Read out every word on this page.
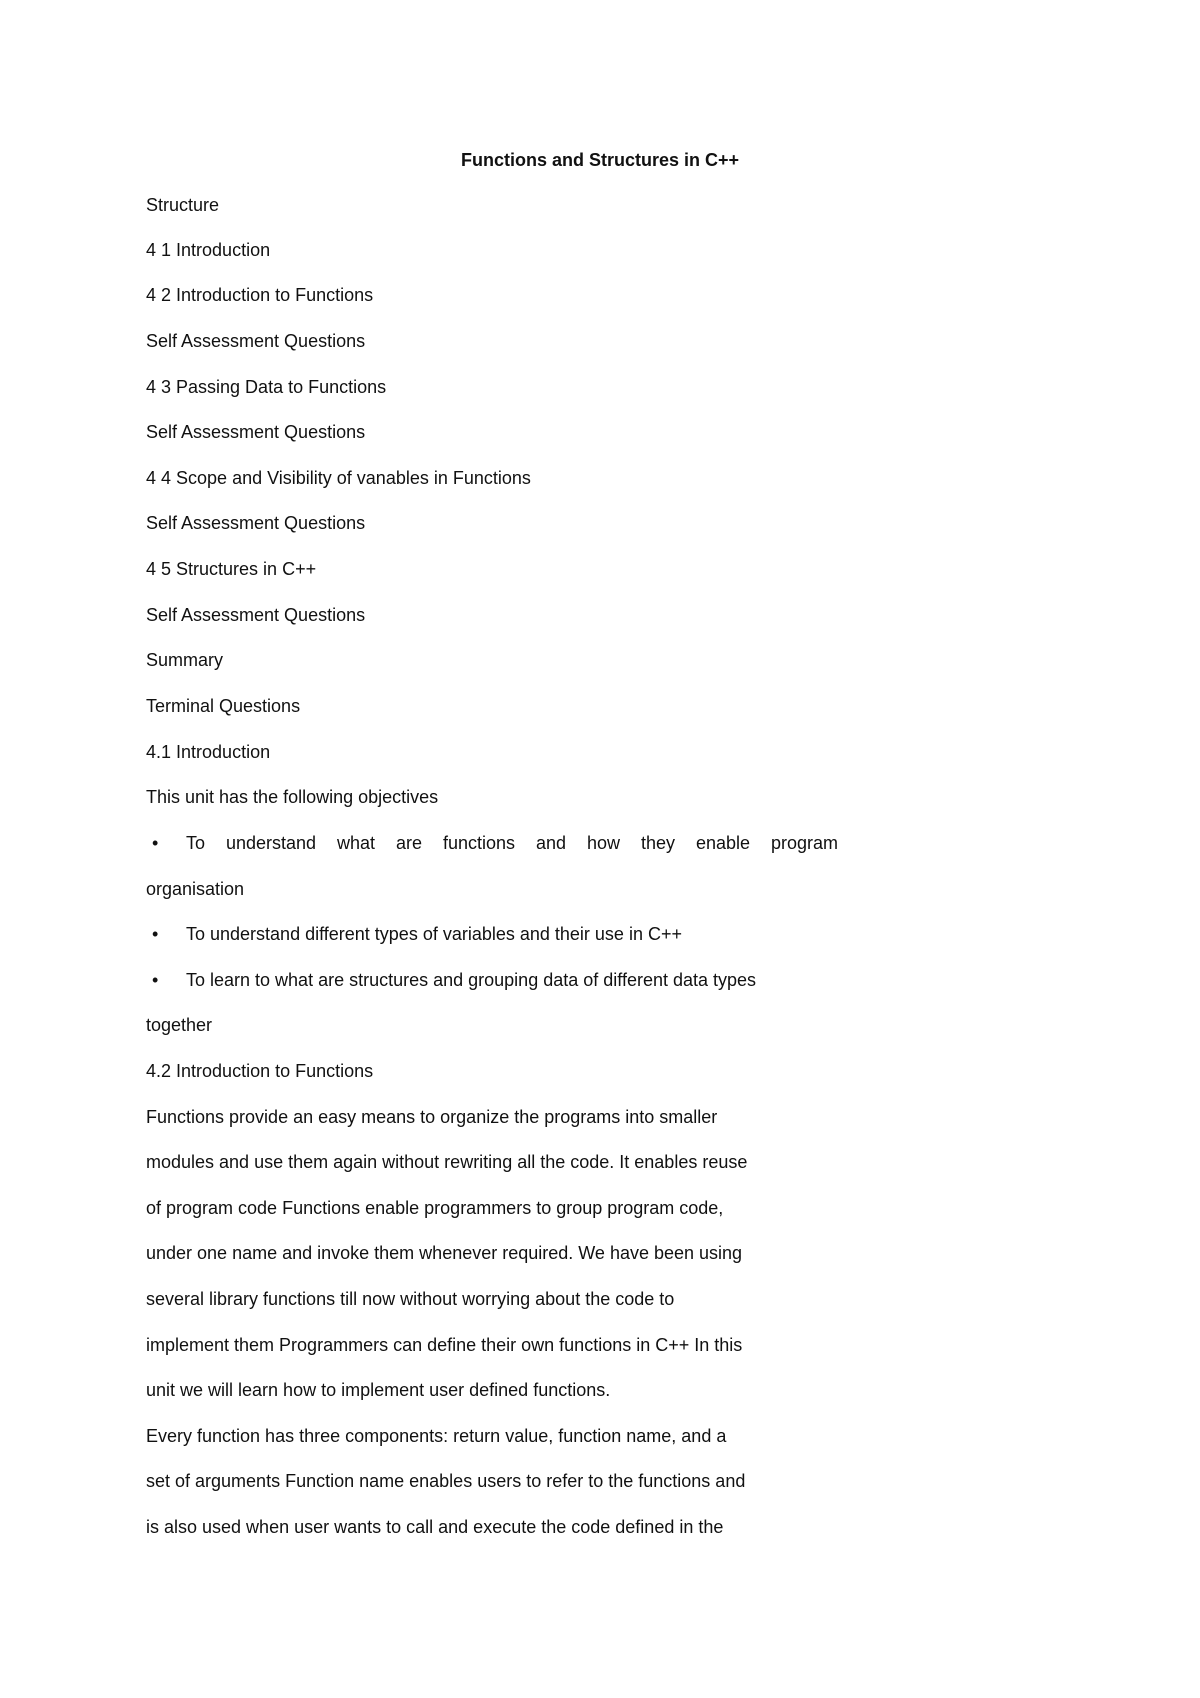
Functions and Structures in C++
Structure
4 1 Introduction
4 2 Introduction to Functions
Self Assessment Questions
4 3 Passing Data to Functions
Self Assessment Questions
4 4 Scope and Visibility of vanables in Functions
Self Assessment Questions
4 5 Structures in C++
Self Assessment Questions
Summary
Terminal Questions
4.1 Introduction
This unit has the following objectives
• To understand what are functions and how they enable program
organisation
• To understand different types of variables and their use in C++
• To learn to what are structures and grouping data of different data types
together
4.2 Introduction to Functions
Functions provide an easy means to organize the programs into smaller
modules and use them again without rewriting all the code. It enables reuse
of program code Functions enable programmers to group program code,
under one name and invoke them whenever required. We have been using
several library functions till now without worrying about the code to
implement them Programmers can define their own functions in C++ In this
unit we will learn how to implement user defined functions.
Every function has three components: return value, function name, and a
set of arguments Function name enables users to refer to the functions and
is also used when user wants to call and execute the code defined in the
